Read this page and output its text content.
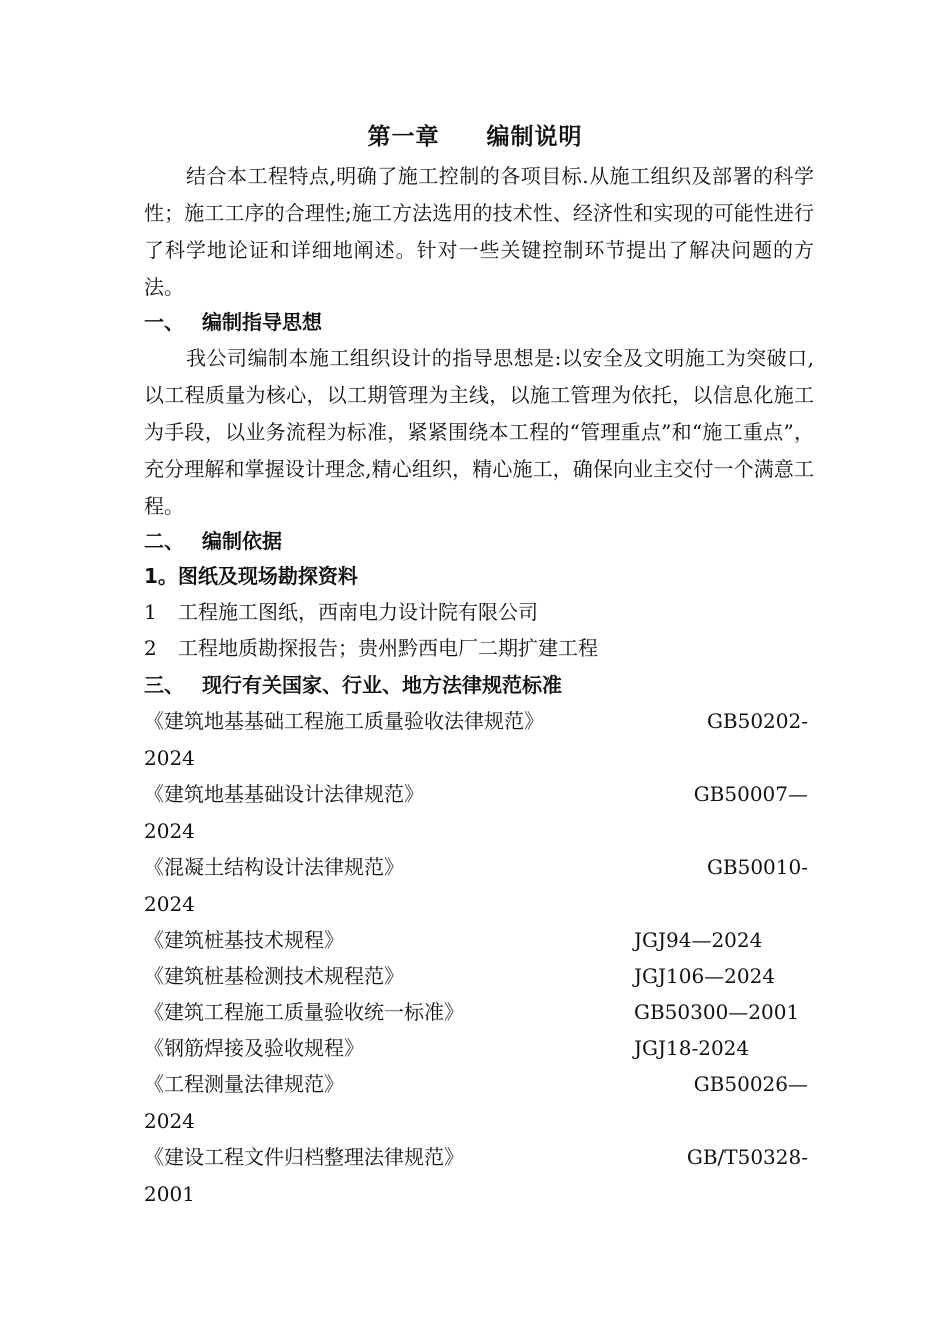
第一章　 编制说明

结合本工程特点,明确了施工控制的各项目标.从施工组织及部署的科学性；施工工序的合理性;施工方法选用的技术性、经济性和实现的可能性进行了科学地论证和详细地阐述。针对一些关键控制环节提出了解决问题的方法。

一、 编制指导思想

我公司编制本施工组织设计的指导思想是:以安全及文明施工为突破口,以工程质量为核心，以工期管理为主线，以施工管理为依托，以信息化施工为手段，以业务流程为标准，紧紧围绕本工程的“管理重点”和“施工重点”，充分理解和掌握设计理念,精心组织，精心施工，确保向业主交付一个满意工程。

二、 编制依据
1。图纸及现场勘探资料
1 工程施工图纸，西南电力设计院有限公司
2 工程地质勘探报告；贵州黔西电厂二期扩建工程
三、 现行有关国家、行业、地方法律规范标准
《建筑地基基础工程施工质量验收法律规范》	GB50202-
2024
《建筑地基基础设计法律规范》	GB50007—
2024
《混凝土结构设计法律规范》	GB50010-
2024
《建筑桩基技术规程》	JGJ94—2024
《建筑桩基检测技术规程范》	JGJ106—2024
《建筑工程施工质量验收统一标准》	GB50300—2001
《钢筋焊接及验收规程》	JGJ18-2024
《工程测量法律规范》	GB50026—
2024
《建设工程文件归档整理法律规范》	GB/T50328-
2001
